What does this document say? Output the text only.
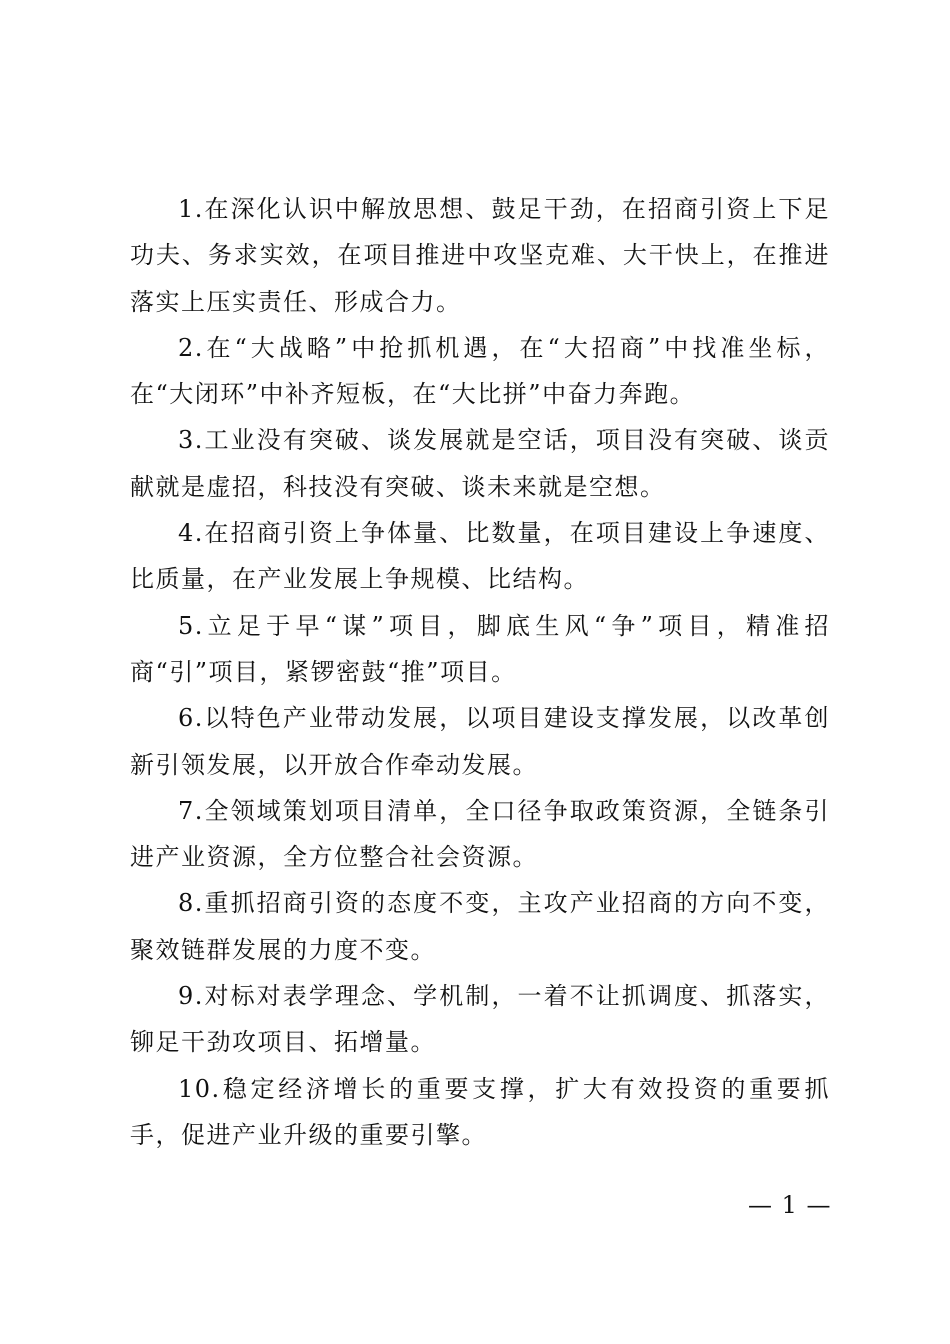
1.在深化认识中解放思想、鼓足干劲，在招商引资上下足功夫、务求实效，在项目推进中攻坚克难、大干快上，在推进落实上压实责任、形成合力。

2.在“大战略”中抢抓机遇，在“大招商”中找准坐标，在“大闭环”中补齐短板，在“大比拼”中奋力奔跑。

3.工业没有突破、谈发展就是空话，项目没有突破、谈贡献就是虚招，科技没有突破、谈未来就是空想。

4.在招商引资上争体量、比数量，在项目建设上争速度、比质量，在产业发展上争规模、比结构。

5.立足于早“谋”项目，脚底生风“争”项目，精准招商“引”项目，紧锣密鼓“推”项目。

6.以特色产业带动发展，以项目建设支撑发展，以改革创新引领发展，以开放合作牵动发展。

7.全领域策划项目清单，全口径争取政策资源，全链条引进产业资源，全方位整合社会资源。

8.重抓招商引资的态度不变，主攻产业招商的方向不变，聚效链群发展的力度不变。

9.对标对表学理念、学机制，一着不让抓调度、抓落实，铆足干劲攻项目、拓增量。

10.稳定经济增长的重要支撑，扩大有效投资的重要抓手，促进产业升级的重要引擎。

— 1 —
